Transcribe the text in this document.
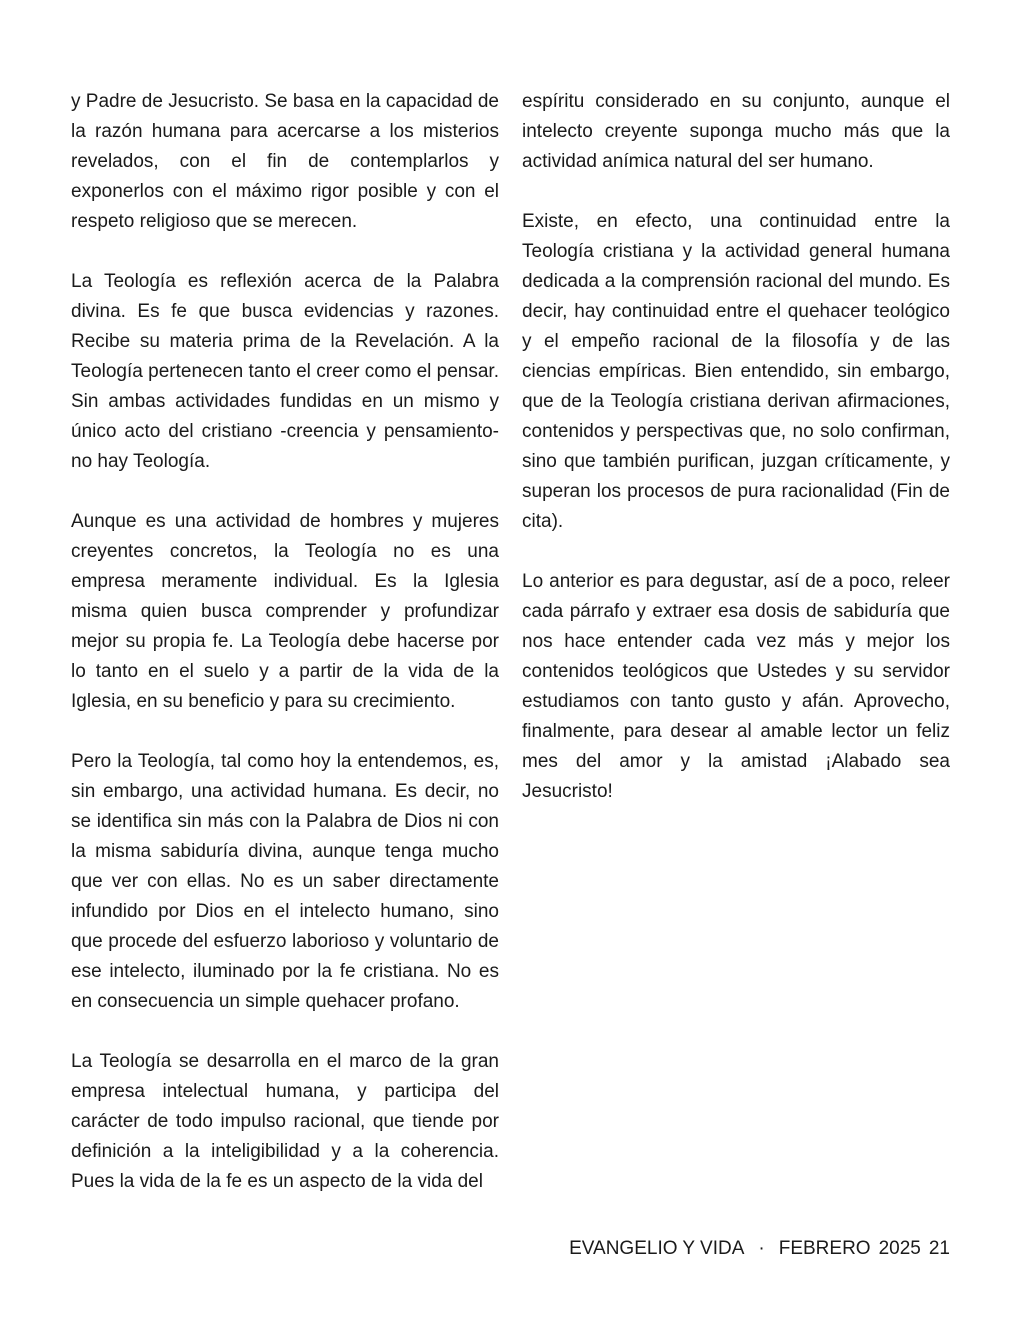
y Padre de Jesucristo. Se basa en la capacidad de la razón humana para acercarse a los misterios revelados, con el fin de contemplarlos y exponerlos con el máximo rigor posible y con el respeto religioso que se merecen.

La Teología es reflexión acerca de la Palabra divina. Es fe que busca evidencias y razones. Recibe su materia prima de la Revelación. A la Teología pertenecen tanto el creer como el pensar. Sin ambas actividades fundidas en un mismo y único acto del cristiano -creencia y pensamiento- no hay Teología.

Aunque es una actividad de hombres y mujeres creyentes concretos, la Teología no es una empresa meramente individual. Es la Iglesia misma quien busca comprender y profundizar mejor su propia fe. La Teología debe hacerse por lo tanto en el suelo y a partir de la vida de la Iglesia, en su beneficio y para su crecimiento.

Pero la Teología, tal como hoy la entendemos, es, sin embargo, una actividad humana. Es decir, no se identifica sin más con la Palabra de Dios ni con la misma sabiduría divina, aunque tenga mucho que ver con ellas. No es un saber directamente infundido por Dios en el intelecto humano, sino que procede del esfuerzo laborioso y voluntario de ese intelecto, iluminado por la fe cristiana. No es en consecuencia un simple quehacer profano.

La Teología se desarrolla en el marco de la gran empresa intelectual humana, y participa del carácter de todo impulso racional, que tiende por definición a la inteligibilidad y a la coherencia. Pues la vida de la fe es un aspecto de la vida del

espíritu considerado en su conjunto, aunque el intelecto creyente suponga mucho más que la actividad anímica natural del ser humano.

Existe, en efecto, una continuidad entre la Teología cristiana y la actividad general humana dedicada a la comprensión racional del mundo. Es decir, hay continuidad entre el quehacer teológico y el empeño racional de la filosofía y de las ciencias empíricas. Bien entendido, sin embargo, que de la Teología cristiana derivan afirmaciones, contenidos y perspectivas que, no solo confirman, sino que también purifican, juzgan críticamente, y superan los procesos de pura racionalidad (Fin de cita).

Lo anterior es para degustar, así de a poco, releer cada párrafo y extraer esa dosis de sabiduría que nos hace entender cada vez más y mejor los contenidos teológicos que Ustedes y su servidor estudiamos con tanto gusto y afán. Aprovecho, finalmente, para desear al amable lector un feliz mes del amor y la amistad ¡Alabado sea Jesucristo!

EVANGELIO Y VIDA · FEBRERO 2025 21
